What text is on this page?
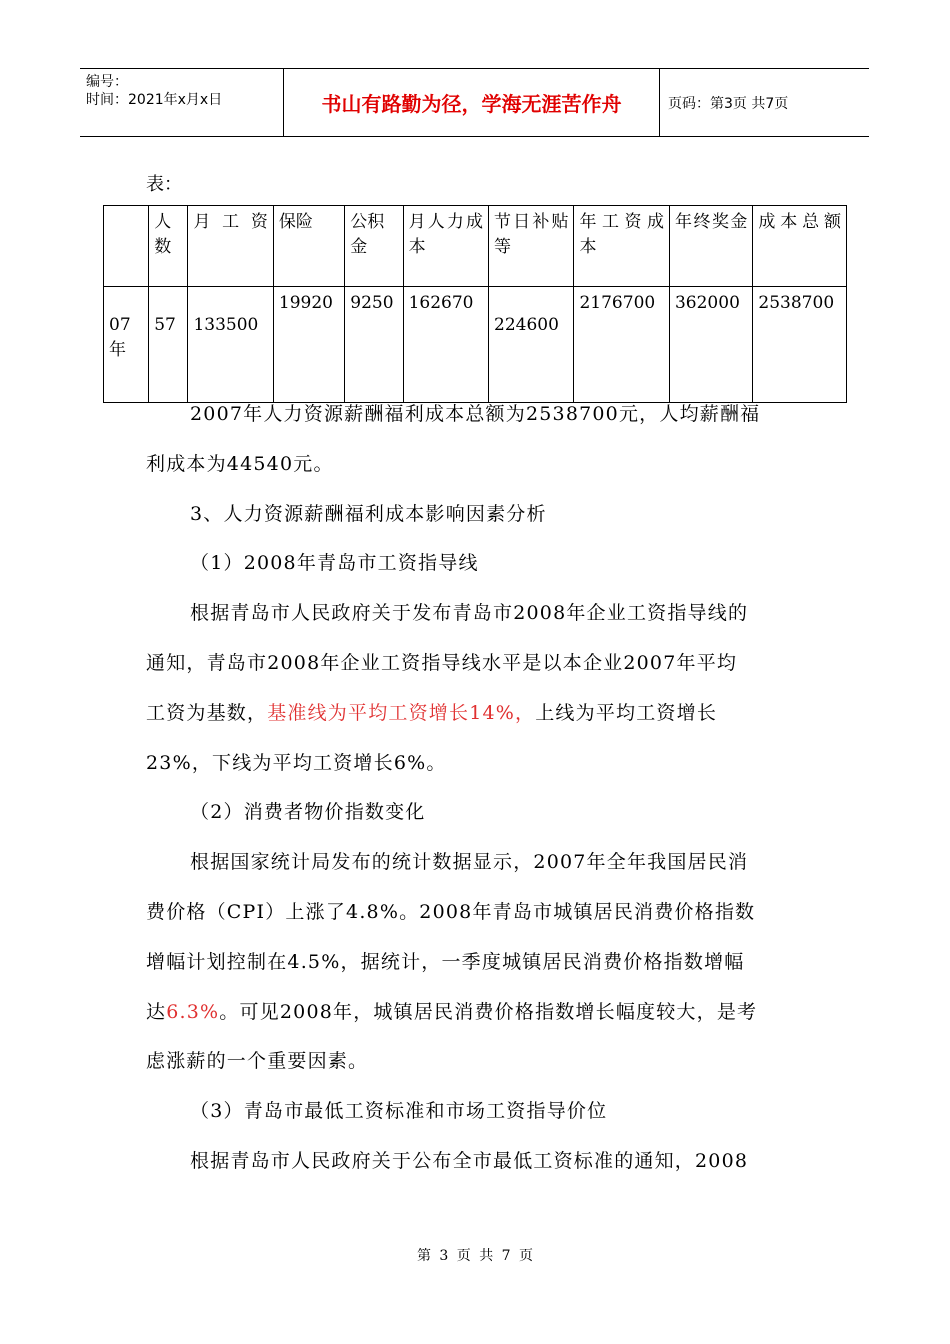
编号：
时间：2021年x月x日	书山有路勤为径，学海无涯苦作舟	页码：第3页 共7页
表：
	人数	月工资	保险	公积金	月人力成本	节日补贴等	年工资成本	年终奖金	成本总额
07年	57	133500	19920	9250	162670	224600	2176700	362000	2538700
2007年人力资源薪酬福利成本总额为2538700元，人均薪酬福
利成本为44540元。
3、人力资源薪酬福利成本影响因素分析
（1）2008年青岛市工资指导线
根据青岛市人民政府关于发布青岛市2008年企业工资指导线的
通知，青岛市2008年企业工资指导线水平是以本企业2007年平均
工资为基数，基准线为平均工资增长14%，上线为平均工资增长
23%，下线为平均工资增长6%。
（2）消费者物价指数变化
根据国家统计局发布的统计数据显示，2007年全年我国居民消
费价格（CPI）上涨了4.8%。2008年青岛市城镇居民消费价格指数
增幅计划控制在4.5%，据统计，一季度城镇居民消费价格指数增幅
达6.3%。可见2008年，城镇居民消费价格指数增长幅度较大，是考
虑涨薪的一个重要因素。
（3）青岛市最低工资标准和市场工资指导价位
根据青岛市人民政府关于公布全市最低工资标准的通知，2008
第 3 页 共 7 页
